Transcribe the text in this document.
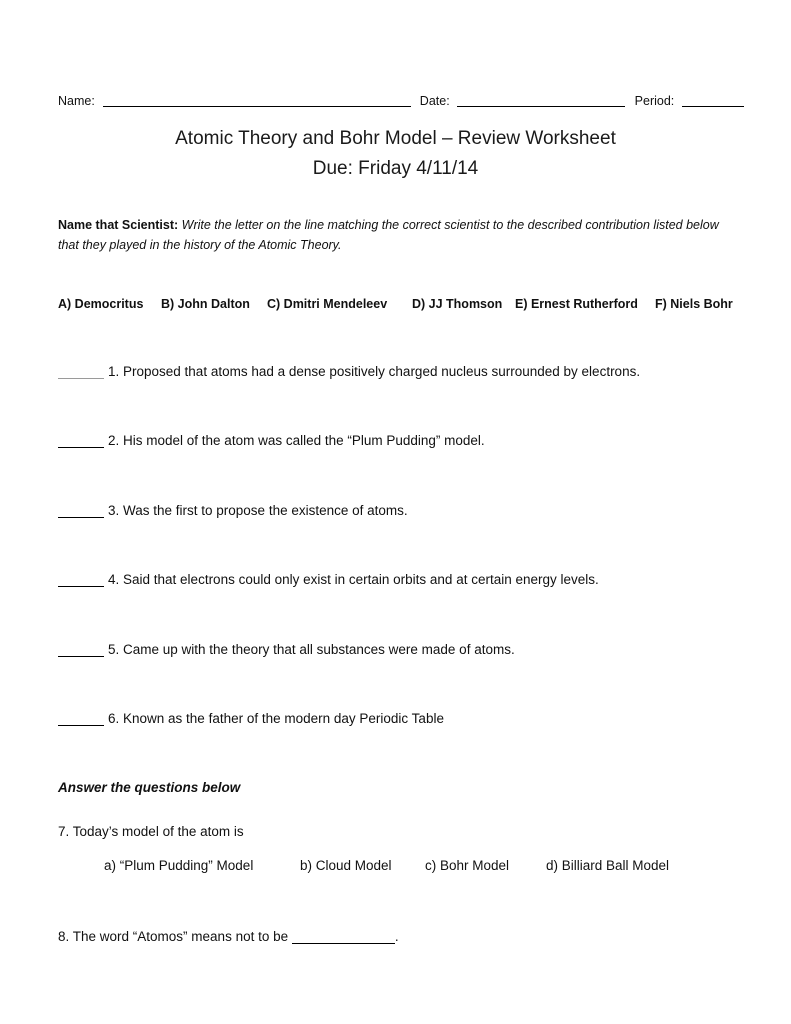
Name:	Date:	Period:
Atomic Theory and Bohr Model – Review Worksheet
Due: Friday 4/11/14
Name that Scientist: Write the letter on the line matching the correct scientist to the described contribution listed below that they played in the history of the Atomic Theory.
A) Democritus B) John Dalton C) Dmitri Mendeleev D) JJ Thomson E) Ernest Rutherford F) Niels Bohr
1. Proposed that atoms had a dense positively charged nucleus surrounded by electrons.
2. His model of the atom was called the “Plum Pudding” model.
3. Was the first to propose the existence of atoms.
4. Said that electrons could only exist in certain orbits and at certain energy levels.
5. Came up with the theory that all substances were made of atoms.
6. Known as the father of the modern day Periodic Table
Answer the questions below
7. Today’s model of the atom is
a) “Plum Pudding” Model	b) Cloud Model c) Bohr Model	d) Billiard Ball Model
8. The word “Atomos” means not to be	.
